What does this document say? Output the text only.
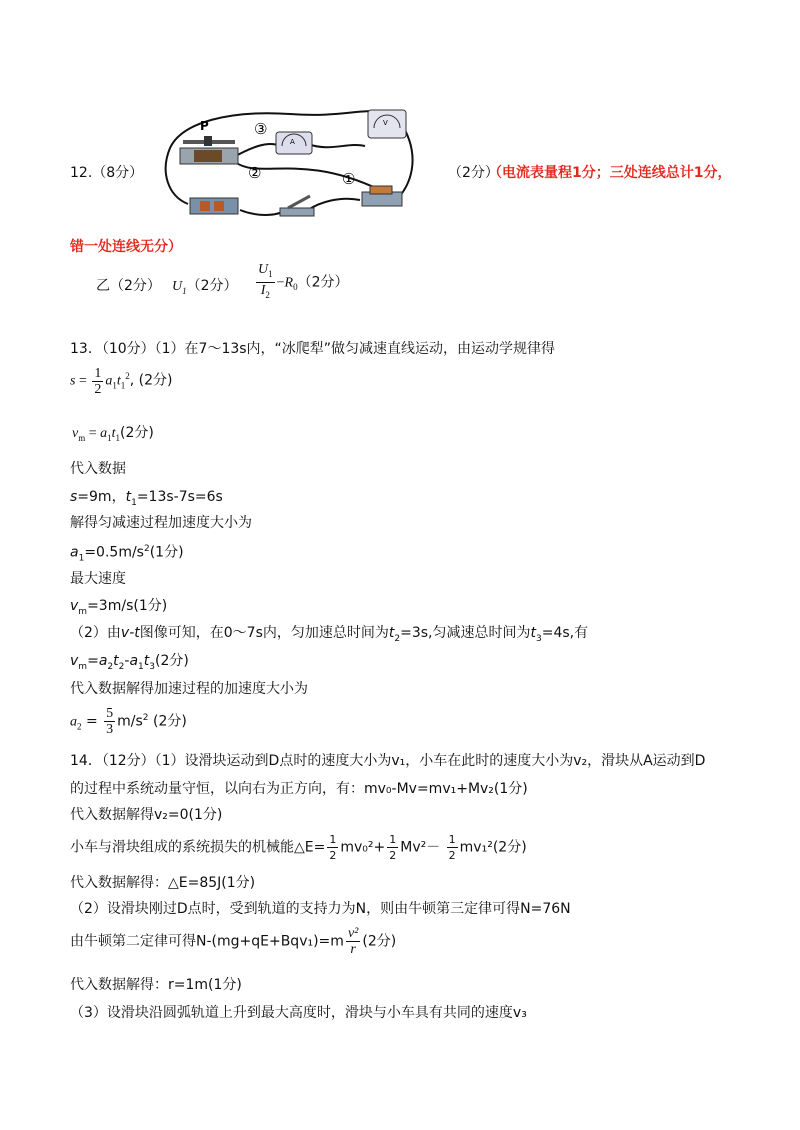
12.（8分）
P
A
V
③
②	①	（2分）
（电流表量程1分；三处连线总计1分，
错一处连线无分）
乙（2分） $U_1(2$分） $\frac{U_1}{I_2} -R_0(2$分）
13．（10分）（1）在7～13s内，“冰爬犁”做匀减速直线运动，由运动学规律得
$s = \frac{1}{2} a_1t_1^2$, (2分)
$v_m = a_1t_1(2$分)
代入数据
s=9m，$t_1=13s-7s=6s$
解得匀减速过程加速度大小为
$a_1=0.5m/s^2(1$分)
最大速度
$v_m=3m/s(1$分)
（2）由v-t图像可知，在0～7s内，匀加速总时间为$t_2=3s$,匀减速总时间为$t_3=4s$,有
$v_m=a_2t_2-a_1t_3(2$分)
代入数据解得加速过程的加速度大小为
$a_2 = \frac{5}{3} m/s^2$ (2分)
14．（12分）（1）设滑块运动到D点时的速度大小为v₁，小车在此时的速度大小为v₂，滑块从A运动到D
的过程中系统动量守恒，以向右为正方向，有：mv₀-Mv=mv₁+Mv₂(1分)
代入数据解得v₂=0(1分)
小车与滑块组成的系统损失的机械能△E= $\frac{1}{2} mv_0^2+ \frac{1}{2} Mv^2- \frac{1}{2} mv_1^2(2$分)
代入数据解得：△E=85J(1分)
（2）设滑块刚过D点时，受到轨道的支持力为N，则由牛顿第三定律可得N=76N
由牛顿第二定律可得$N-(mg+qE+Bqv_1)=m \frac{\text{v²}}{r} (2$分)
代入数据解得：r=1m(1分)
（3）设滑块沿圆弧轨道上升到最大高度时，滑块与小车具有共同的速度v₃
